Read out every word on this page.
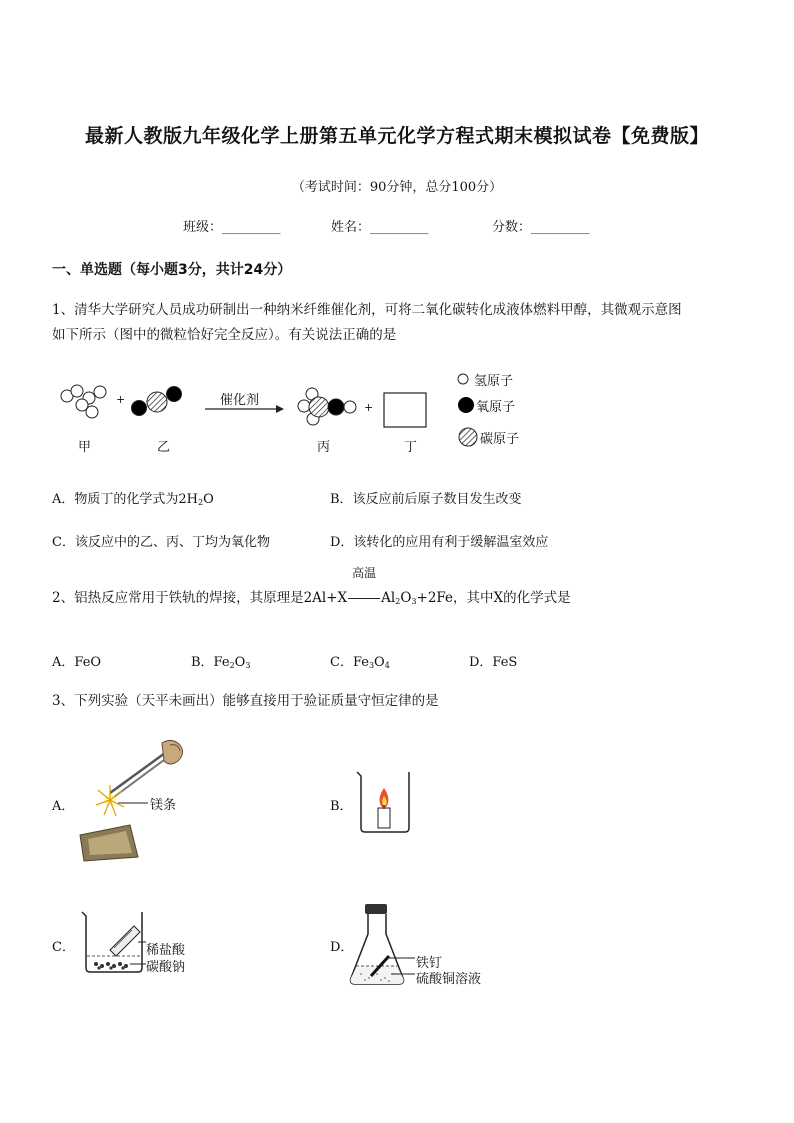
最新人教版九年级化学上册第五单元化学方程式期末模拟试卷【免费版】
（考试时间：90分钟，总分100分）
班级：_________	姓名：_________	分数：_________
一、单选题（每小题3分，共计24分）
1、清华大学研究人员成功研制出一种纳米纤维催化剂，可将二氧化碳转化成液体燃料甲醇，其微观示意图
如下所示（图中的微粒恰好完全反应）。有关说法正确的是
+
+
催化剂
甲	乙	丙	丁
氢原子
氧原子
碳原子
A．物质丁的化学式为$2H_2O$	B．该反应前后原子数目发生改变
C．该反应中的乙、丙、丁均为氧化物	D．该转化的应用有利于缓解温室效应
2、铝热反应常用于铁轨的焊接，其原理是2Al+X
高温
$Al_2O_3+2Fe$，其中X的化学式是
A．FeO	B．$Fe_2O_3$	C．$Fe_3O_4$	D．FeS
3、下列实验（天平未画出）能够直接用于验证质量守恒定律的是
A．	镁条	B．
C．	稀盐酸
碳酸钠
D．
铁钉
硫酸铜溶液
